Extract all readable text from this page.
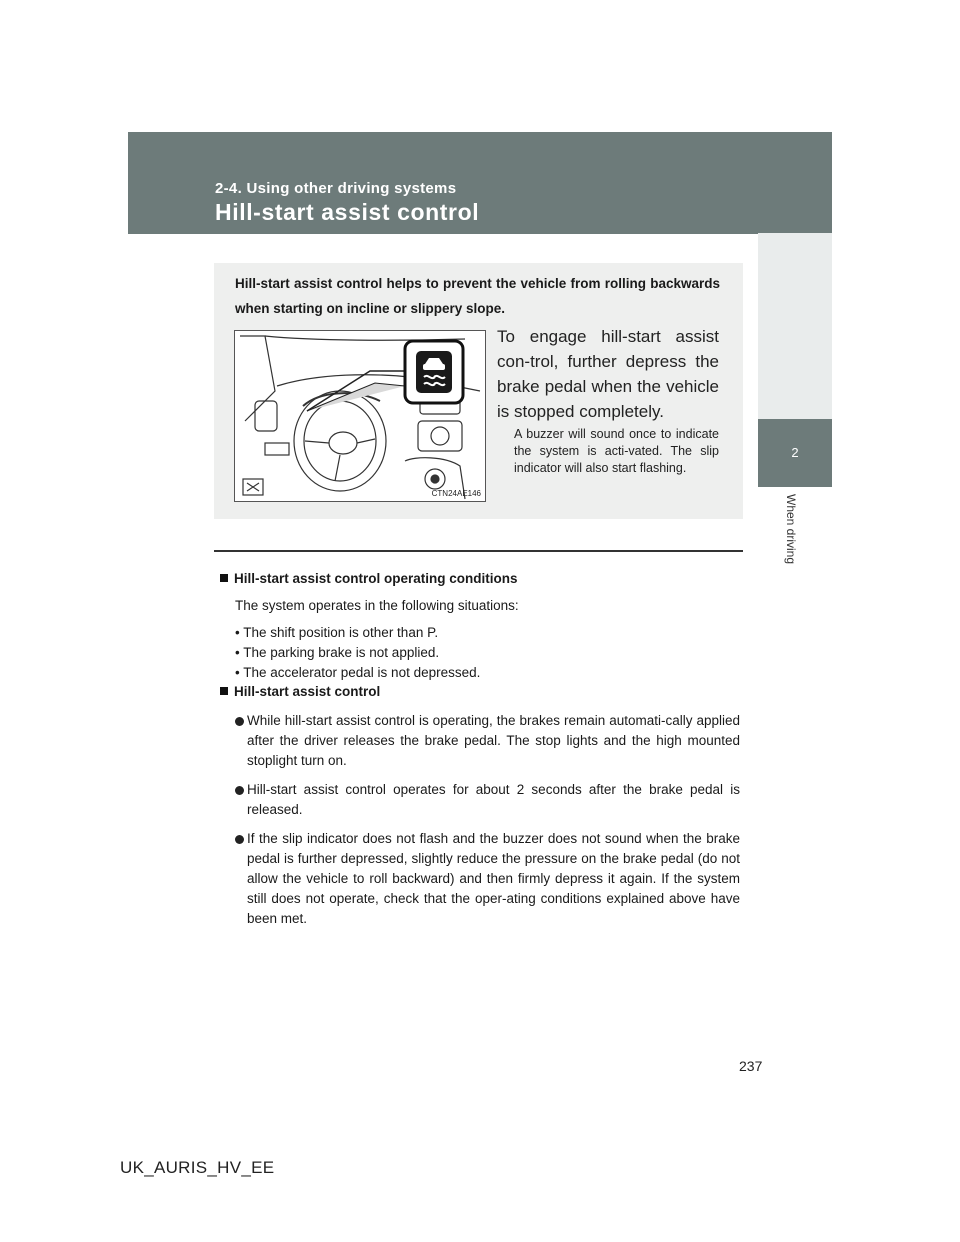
2-4. Using other driving systems
Hill-start assist control
2
When driving
Hill-start assist control helps to prevent the vehicle from rolling backwards when starting on incline or slippery slope.
CTN24AE146
To engage hill-start assist con-trol, further depress the brake pedal when the vehicle is stopped completely.
A buzzer will sound once to indicate the system is acti-vated. The slip indicator will also start flashing.
Hill-start assist control operating conditions
The system operates in the following situations:
• The shift position is other than P.
• The parking brake is not applied.
• The accelerator pedal is not depressed.
Hill-start assist control
While hill-start assist control is operating, the brakes remain automati-cally applied after the driver releases the brake pedal. The stop lights and the high mounted stoplight turn on.
Hill-start assist control operates for about 2 seconds after the brake pedal is released.
If the slip indicator does not flash and the buzzer does not sound when the brake pedal is further depressed, slightly reduce the pressure on the brake pedal (do not allow the vehicle to roll backward) and then firmly depress it again. If the system still does not operate, check that the oper-ating conditions explained above have been met.
237
UK_AURIS_HV_EE
